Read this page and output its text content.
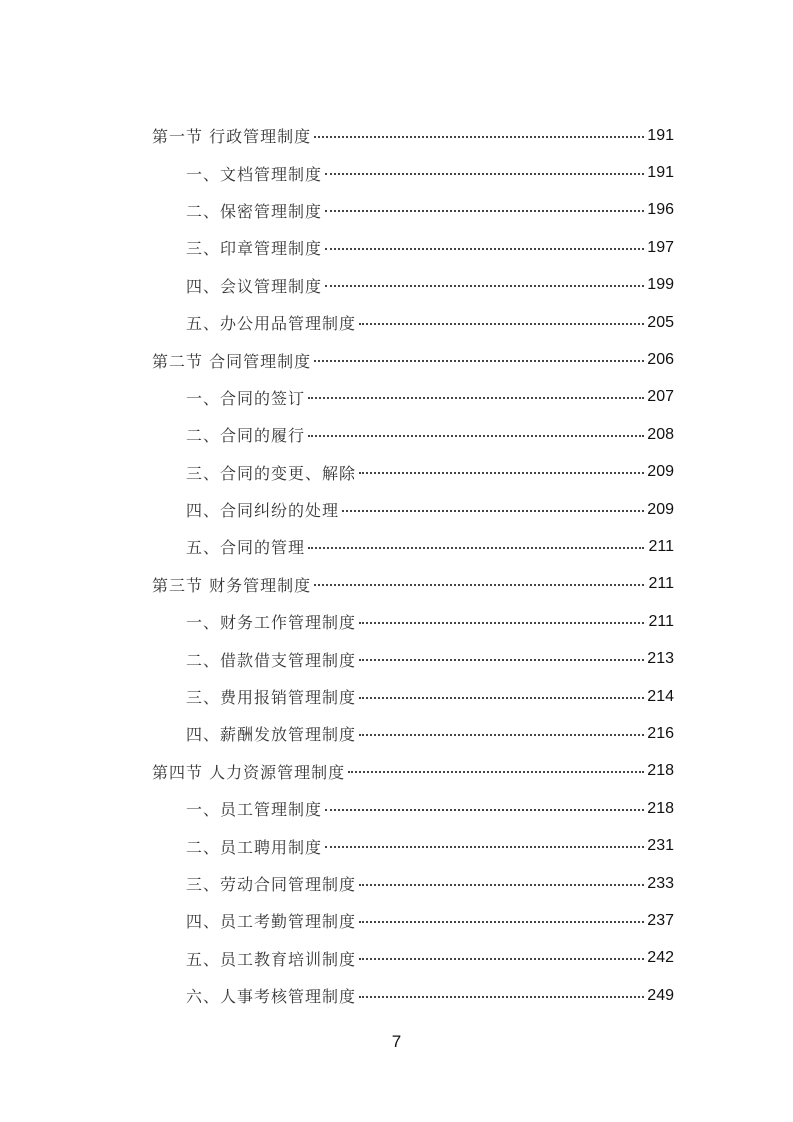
第一节 行政管理制度	191
一、文档管理制度	191
二、保密管理制度	196
三、印章管理制度	197
四、会议管理制度	199
五、办公用品管理制度	205
第二节 合同管理制度	206
一、合同的签订	207
二、合同的履行	208
三、合同的变更、解除	209
四、合同纠纷的处理	209
五、合同的管理	211
第三节 财务管理制度	211
一、财务工作管理制度	211
二、借款借支管理制度	213
三、费用报销管理制度	214
四、薪酬发放管理制度	216
第四节 人力资源管理制度	218
一、员工管理制度	218
二、员工聘用制度	231
三、劳动合同管理制度	233
四、员工考勤管理制度	237
五、员工教育培训制度	242
六、人事考核管理制度	249
7
